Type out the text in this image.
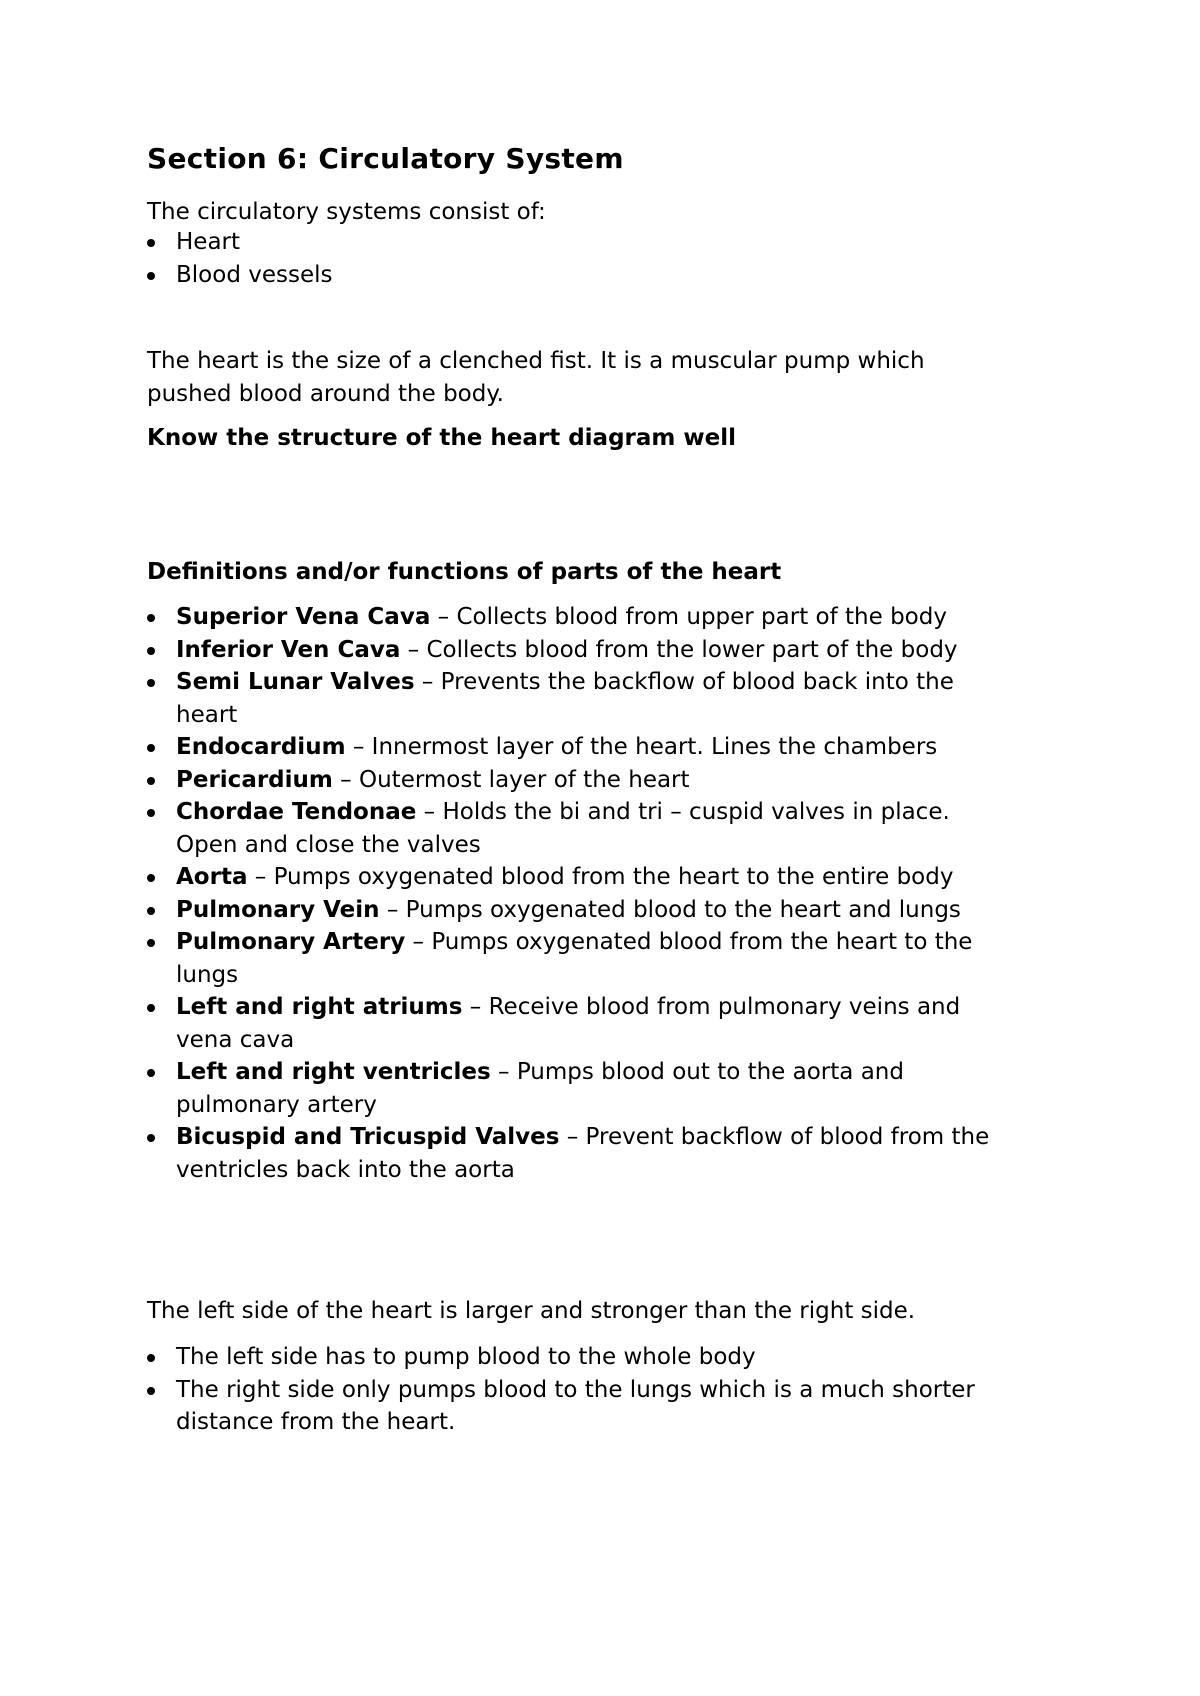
Section 6: Circulatory System

The circulatory systems consist of:

Heart
Blood vessels

The heart is the size of a clenched fist. It is a muscular pump which
pushed blood around the body.

Know the structure of the heart diagram well

Definitions and/or functions of parts of the heart

Superior Vena Cava – Collects blood from upper part of the body
Inferior Ven Cava – Collects blood from the lower part of the body
Semi Lunar Valves – Prevents the backflow of blood back into the
heart
Endocardium – Innermost layer of the heart. Lines the chambers
Pericardium – Outermost layer of the heart
Chordae Tendonae – Holds the bi and tri – cuspid valves in place.
Open and close the valves
Aorta – Pumps oxygenated blood from the heart to the entire body
Pulmonary Vein – Pumps oxygenated blood to the heart and lungs
Pulmonary Artery – Pumps oxygenated blood from the heart to the
lungs
Left and right atriums – Receive blood from pulmonary veins and
vena cava
Left and right ventricles – Pumps blood out to the aorta and
pulmonary artery
Bicuspid and Tricuspid Valves – Prevent backflow of blood from the
ventricles back into the aorta

The left side of the heart is larger and stronger than the right side.

The left side has to pump blood to the whole body
The right side only pumps blood to the lungs which is a much shorter
distance from the heart.
